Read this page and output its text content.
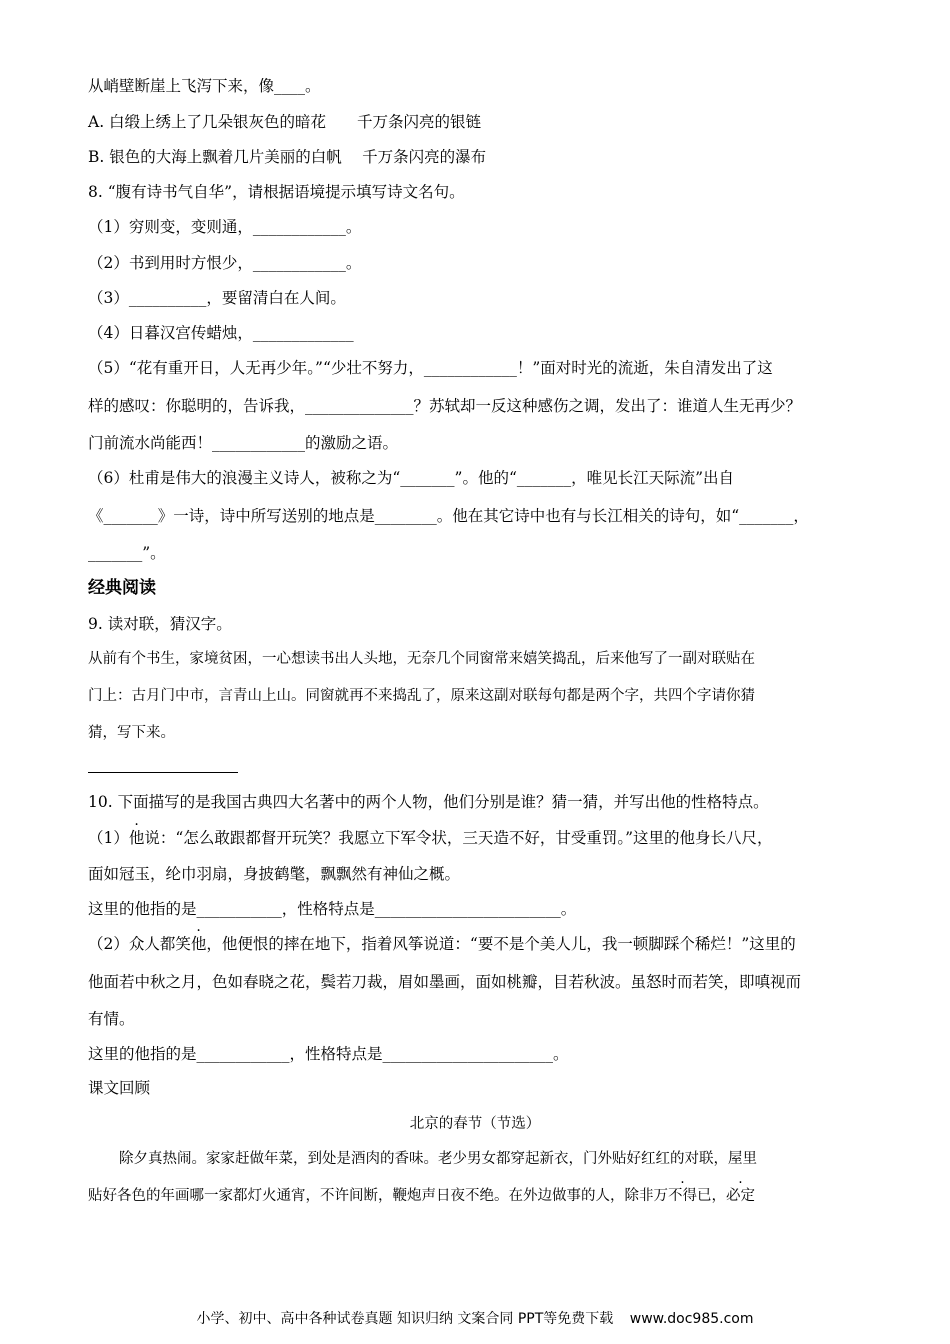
从峭壁断崖上飞泻下来，像____。
A. 白缎上绣上了几朵银灰色的暗花　　千万条闪亮的银链
B. 银色的大海上飘着几片美丽的白帆　 千万条闪亮的瀑布
8. “腹有诗书气自华”，请根据语境提示填写诗文名句。
（1）穷则变，变则通，____________。
（2）书到用时方恨少，____________。
（3）__________，要留清白在人间。
（4）日暮汉宫传蜡烛，_____________
（5）“花有重开日，人无再少年。”“少壮不努力，____________！”面对时光的流逝，朱自清发出了这
样的感叹：你聪明的，告诉我，______________？苏轼却一反这种感伤之调，发出了：谁道人生无再少？
门前流水尚能西！____________的激励之语。
（6）杜甫是伟大的浪漫主义诗人，被称之为“_______”。他的“_______，唯见长江天际流”出自
《_______》一诗，诗中所写送别的地点是________。他在其它诗中也有与长江相关的诗句，如“_______，
_______”。
经典阅读
9. 读对联，猜汉字。
从前有个书生，家境贫困，一心想读书出人头地，无奈几个同窗常来嬉笑捣乱，后来他写了一副对联贴在
门上：古月门中市，言青山上山。同窗就再不来捣乱了，原来这副对联每句都是两个字，共四个字请你猜
猜，写下来。
10. 下面描写的是我国古典四大名著中的两个人物，他们分别是谁？猜一猜，并写出他的性格特点。
（1）他说：“怎么敢跟都督开玩笑？我愿立下军令状，三天造不好，甘受重罚。”这里的他身长八尺，
面如冠玉，纶巾羽扇，身披鹤氅，飘飘然有神仙之概。
这里的他指的是___________，性格特点是________________________。
（2）众人都笑他，他便恨的摔在地下，指着风筝说道：“要不是个美人儿，我一顿脚踩个稀烂！”这里的
他面若中秋之月，色如春晓之花，鬓若刀裁，眉如墨画，面如桃瓣，目若秋波。虽怒时而若笑，即嗔视而
有情。
这里的他指的是____________，性格特点是______________________。
课文回顾
北京的春节（节选）
除夕真热闹。家家赶做年菜，到处是酒肉的香味。老少男女都穿起新衣，门外贴好红红的对联，屋里
贴好各色的年画哪一家都灯火通宵，不许间断，鞭炮声日夜不绝。在外边做事的人，除非万不得已，必定
小学、初中、高中各种试卷真题 知识归纳 文案合同 PPT等免费下载 www.doc985.com
